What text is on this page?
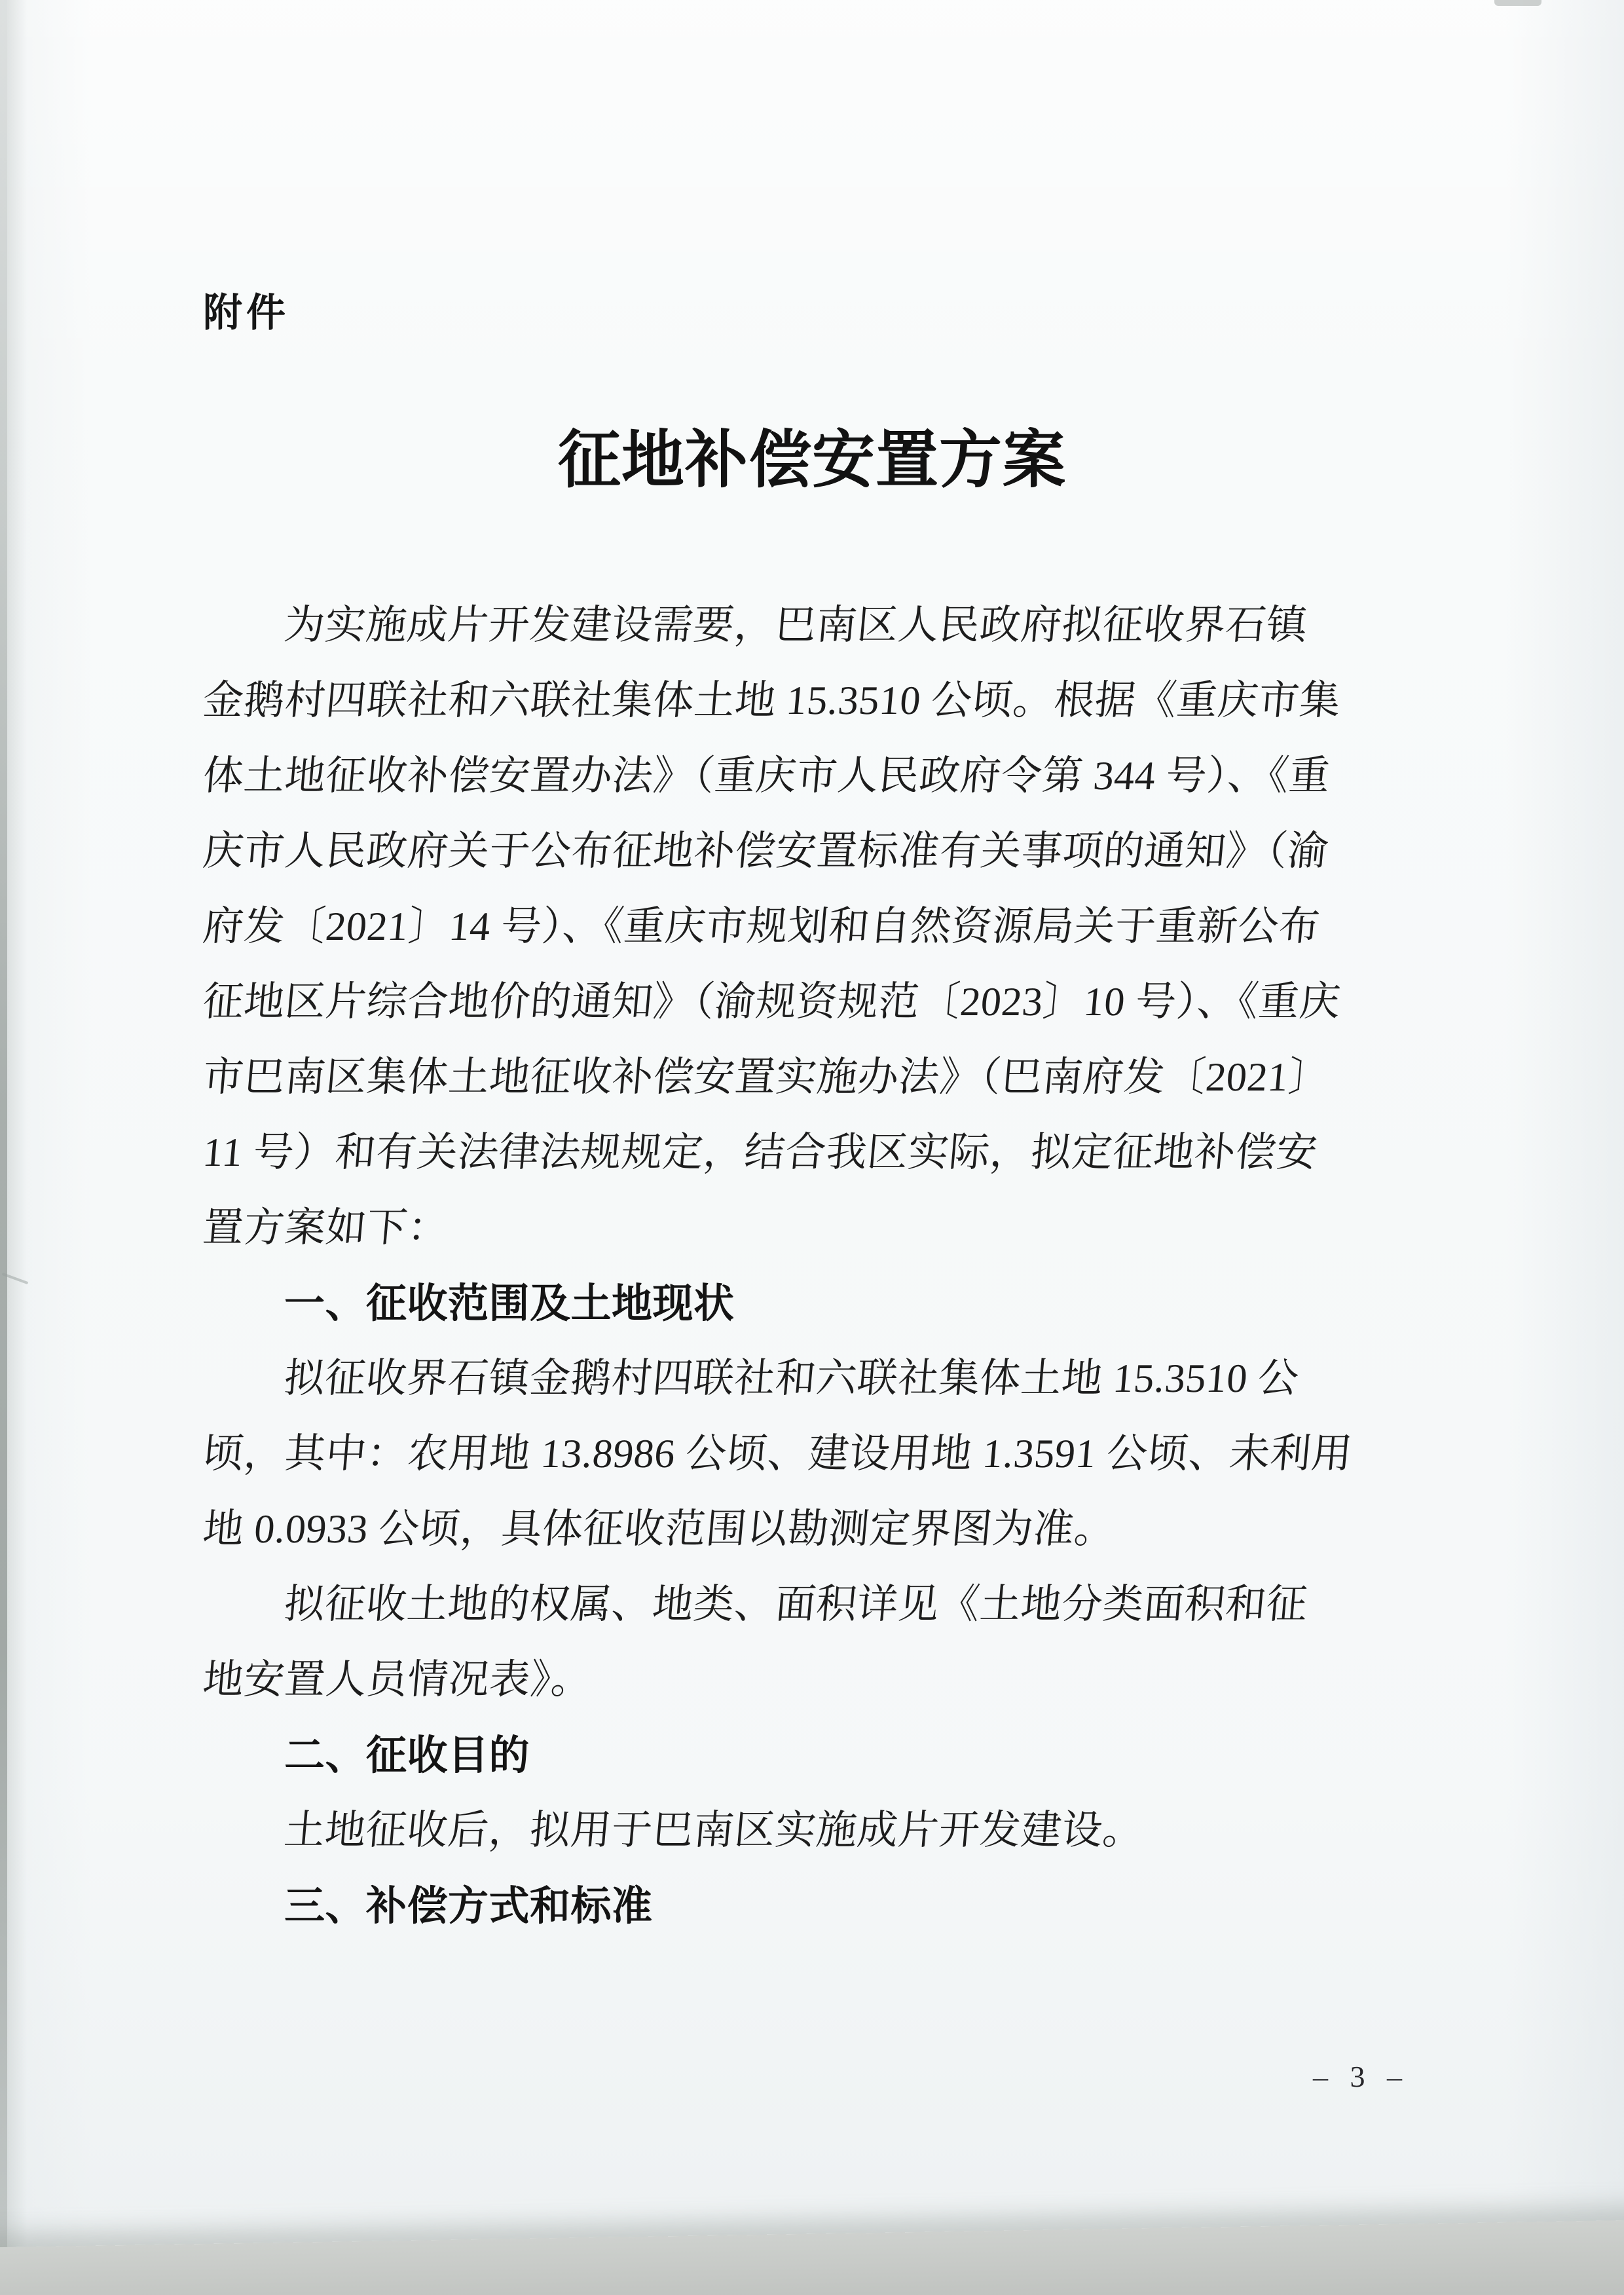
附件
征地补偿安置方案
为实施成片开发建设需要，巴南区人民政府拟征收界石镇
金鹅村四联社和六联社集体土地 15.3510 公顷。根据《重庆市集
体土地征收补偿安置办法》（重庆市人民政府令第 344 号）、《重
庆市人民政府关于公布征地补偿安置标准有关事项的通知》（渝
府发〔2021〕14 号）、《重庆市规划和自然资源局关于重新公布
征地区片综合地价的通知》（渝规资规范〔2023〕10 号）、《重庆
市巴南区集体土地征收补偿安置实施办法》（巴南府发〔2021〕
11 号）和有关法律法规规定，结合我区实际，拟定征地补偿安
置方案如下：
一、征收范围及土地现状
拟征收界石镇金鹅村四联社和六联社集体土地 15.3510 公
顷，其中：农用地 13.8986 公顷、建设用地 1.3591 公顷、未利用
地 0.0933 公顷，具体征收范围以勘测定界图为准。
拟征收土地的权属、地类、面积详见《土地分类面积和征
地安置人员情况表》。
二、征收目的
土地征收后，拟用于巴南区实施成片开发建设。
三、补偿方式和标准
– 3 –
